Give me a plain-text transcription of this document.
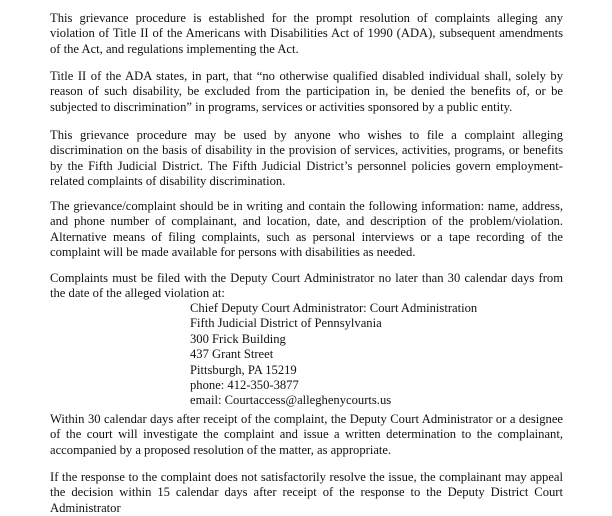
This grievance procedure is established for the prompt resolution of complaints alleging any violation of Title II of the Americans with Disabilities Act of 1990 (ADA), subsequent amendments of the Act, and regulations implementing the Act.

Title II of the ADA states, in part, that “no otherwise qualified disabled individual shall, solely by reason of such disability, be excluded from the participation in, be denied the benefits of, or be subjected to discrimination” in programs, services or activities sponsored by a public entity.

This grievance procedure may be used by anyone who wishes to file a complaint alleging discrimination on the basis of disability in the provision of services, activities, programs, or benefits by the Fifth Judicial District. The Fifth Judicial District’s personnel policies govern employment-related complaints of disability discrimination.

The grievance/complaint should be in writing and contain the following information: name, address, and phone number of complainant, and location, date, and description of the problem/violation. Alternative means of filing complaints, such as personal interviews or a tape recording of the complaint will be made available for persons with disabilities as needed.

Complaints must be filed with the Deputy Court Administrator no later than 30 calendar days from the date of the alleged violation at:

Chief Deputy Court Administrator: Court Administration
Fifth Judicial District of Pennsylvania
300 Frick Building
437 Grant Street
Pittsburgh, PA 15219
phone: 412-350-3877
email: Courtaccess@alleghenycourts.us

Within 30 calendar days after receipt of the complaint, the Deputy Court Administrator or a designee of the court will investigate the complaint and issue a written determination to the complainant, accompanied by a proposed resolution of the matter, as appropriate.

If the response to the complaint does not satisfactorily resolve the issue, the complainant may appeal the decision within 15 calendar days after receipt of the response to the Deputy District Court Administrator
